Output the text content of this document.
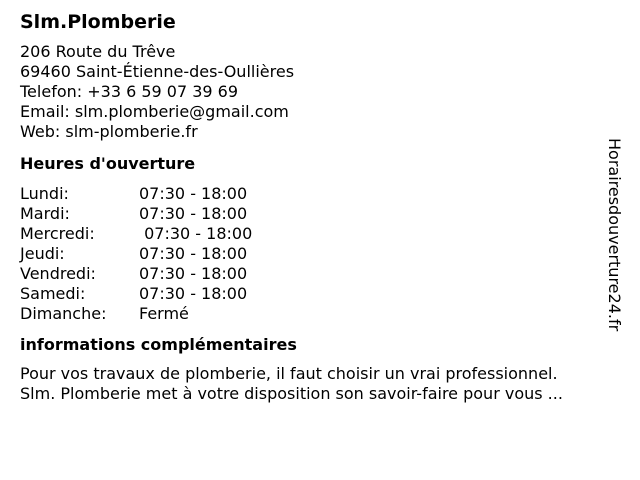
Slm.Plomberie
206 Route du Trêve
69460 Saint-Étienne-des-Oullières
Telefon: +33 6 59 07 39 69
Email: slm.plomberie@gmail.com
Web: slm-plomberie.fr
Heures d'ouverture
Lundi:	07:30 - 18:00
Mardi:	07:30 - 18:00
Mercredi:	07:30 - 18:00
Jeudi:	07:30 - 18:00
Vendredi:	07:30 - 18:00
Samedi:	07:30 - 18:00
Dimanche:	Fermé
informations complémentaires
Pour vos travaux de plomberie, il faut choisir un vrai professionnel.
Slm. Plomberie met à votre disposition son savoir-faire pour vous ...
Horairesdouverture24.fr
